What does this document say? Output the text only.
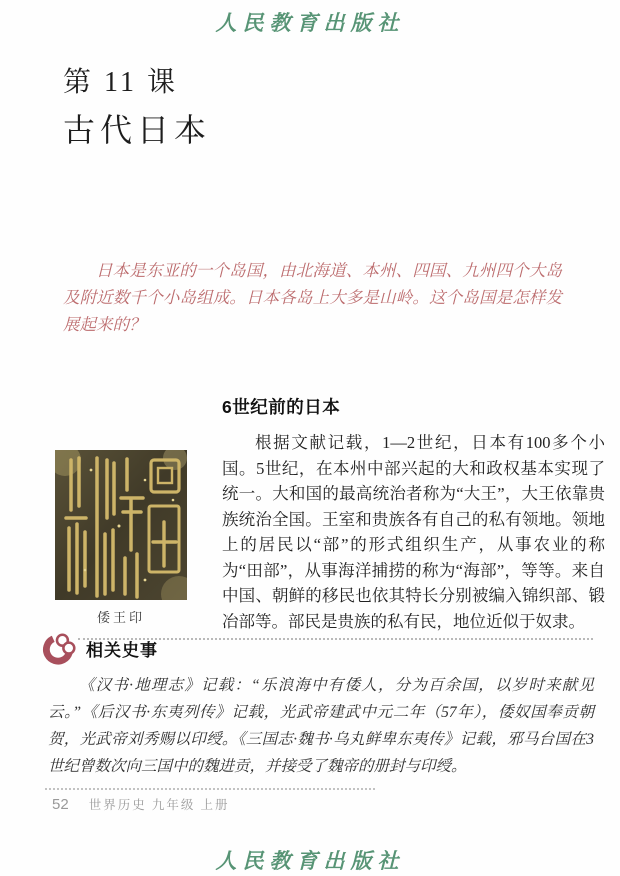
人民教育出版社
第 11 课
古代日本

日本是东亚的一个岛国，由北海道、本州、四国、九州四个大岛及附近数千个小岛组成。日本各岛上大多是山岭。这个岛国是怎样发展起来的？

倭王印
6世纪前的日本

根据文献记载，1—2世纪，日本有100多个小国。5世纪，在本州中部兴起的大和政权基本实现了统一。大和国的最高统治者称为“大王”，大王依靠贵族统治全国。王室和贵族各有自己的私有领地。领地上的居民以“部”的形式组织生产，从事农业的称为“田部”，从事海洋捕捞的称为“海部”，等等。来自中国、朝鲜的移民也依其特长分别被编入锦织部、锻冶部等。部民是贵族的私有民，地位近似于奴隶。

相关史事

《汉书·地理志》记载：“乐浪海中有倭人，分为百余国，以岁时来献见云。”《后汉书·东夷列传》记载，光武帝建武中元二年（57年），倭奴国奉贡朝贺，光武帝刘秀赐以印绶。《三国志·魏书·乌丸鲜卑东夷传》记载，邪马台国在3世纪曾数次向三国中的魏进贡，并接受了魏帝的册封与印绶。

52 世界历史 九年级 上册
人民教育出版社
